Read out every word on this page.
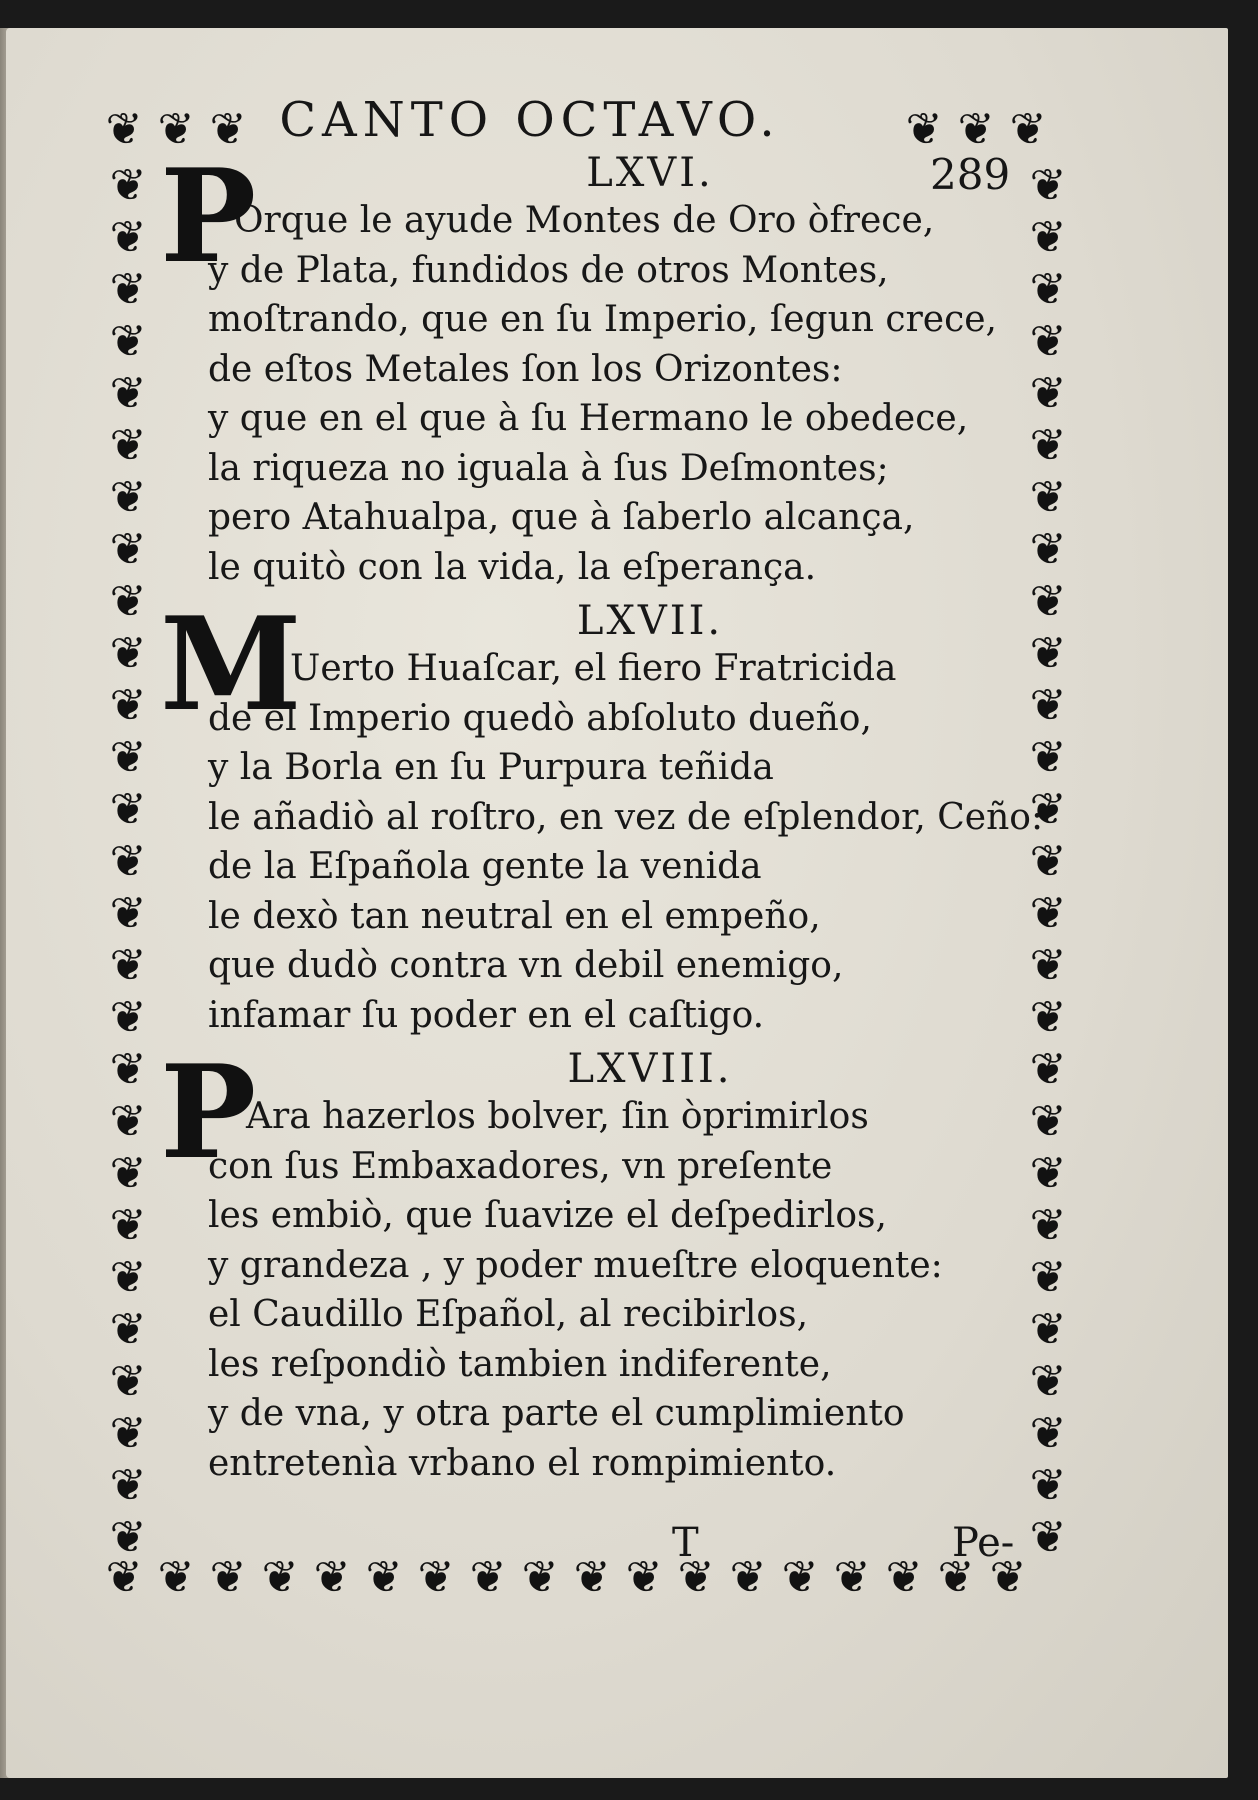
❦ ❦ ❦	❦ ❦ ❦
❦
❦
❦
❦
❦
❦
❦
❦
❦
❦
❦
❦
❦
❦
❦
❦
❦
❦
❦
❦
❦
❦
❦
❦
❦
❦
❦
❦
❦
❦
❦
❦
❦
❦
❦
❦
❦
❦
❦
❦
❦
❦
❦
❦
❦
❦
❦
❦
❦
❦
❦
❦
❦
❦
❦ ❦ ❦ ❦ ❦ ❦ ❦ ❦ ❦ ❦ ❦ ❦ ❦ ❦ ❦ ❦ ❦ ❦
CANTO OCTAVO.
289
P	LXVI.
Orque le ayude Montes de Oro òfrece,
y de Plata, fundidos de otros Montes,
moſtrando, que en ſu Imperio, ſegun crece,
de eſtos Metales ſon los Orizontes:
y que en el que à ſu Hermano le obedece,
la riqueza no iguala à ſus Deſmontes;
pero Atahualpa, que à ſaberlo alcança,
le quitò con la vida, la eſperança.
M	LXVII.
Uerto Huaſcar, el fiero Fratricida
de el Imperio quedò abſoluto dueño,
y la Borla en ſu Purpura teñida
le añadiò al roſtro, en vez de eſplendor, Ceño:
de la Eſpañola gente la venida
le dexò tan neutral en el empeño,
que dudò contra vn debil enemigo,
infamar ſu poder en el caſtigo.
P	LXVIII.
Ara hazerlos bolver, ſin òprimirlos
con ſus Embaxadores, vn preſente
les embiò, que ſuavize el deſpedirlos,
y grandeza , y poder mueſtre eloquente:
el Caudillo Eſpañol, al recibirlos,
les reſpondiò tambien indiferente,
y de vna, y otra parte el cumplimiento
entretenìa vrbano el rompimiento.
T	Pe-
